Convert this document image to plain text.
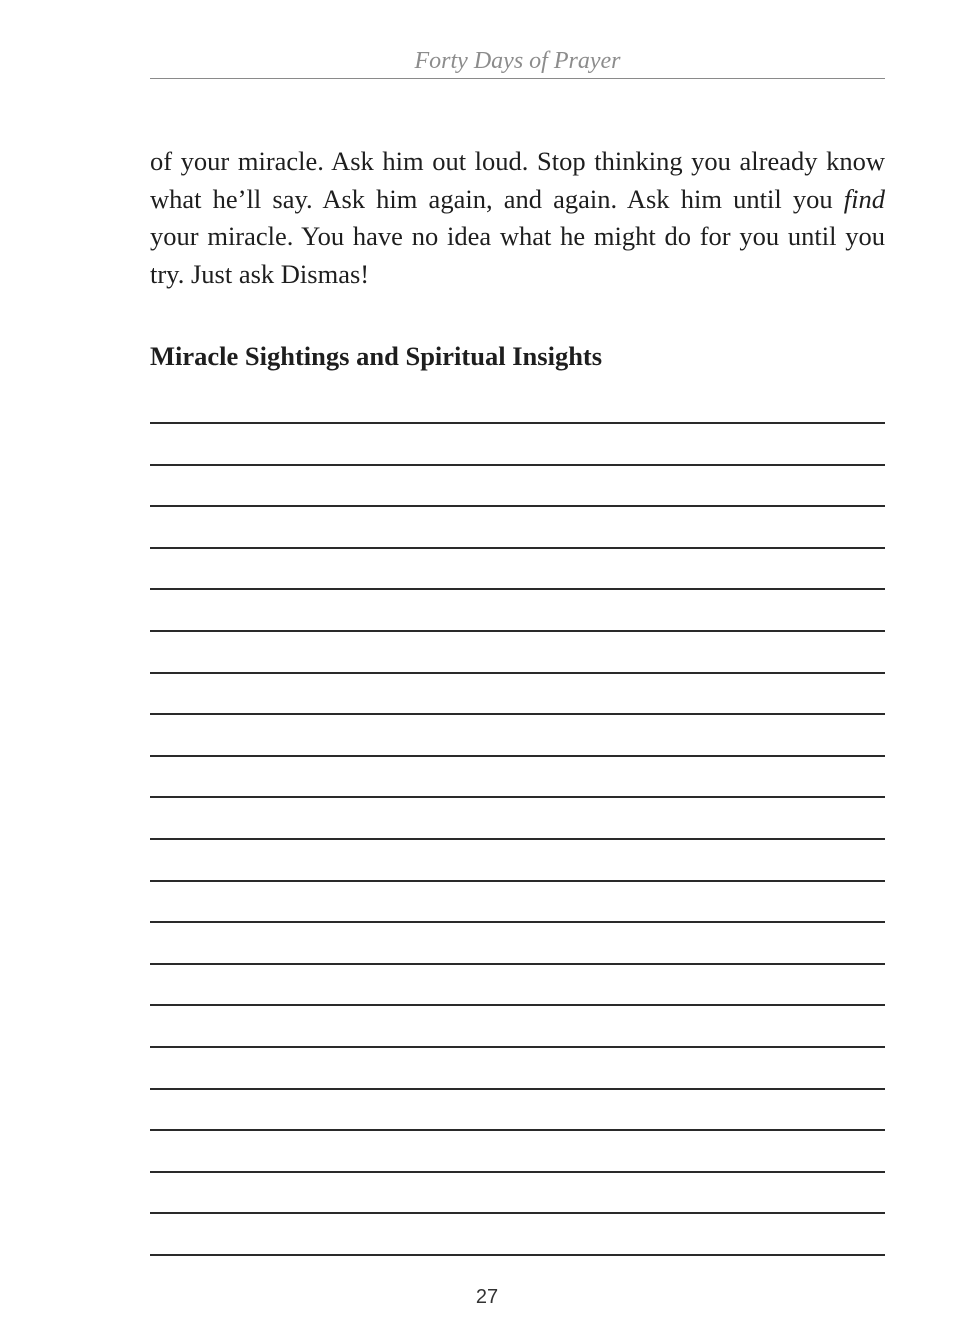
Forty Days of Prayer

of your miracle. Ask him out loud. Stop thinking you already know what he’ll say. Ask him again, and again. Ask him until you find your miracle. You have no idea what he might do for you until you try. Just ask Dismas!

Miracle Sightings and Spiritual Insights
27
